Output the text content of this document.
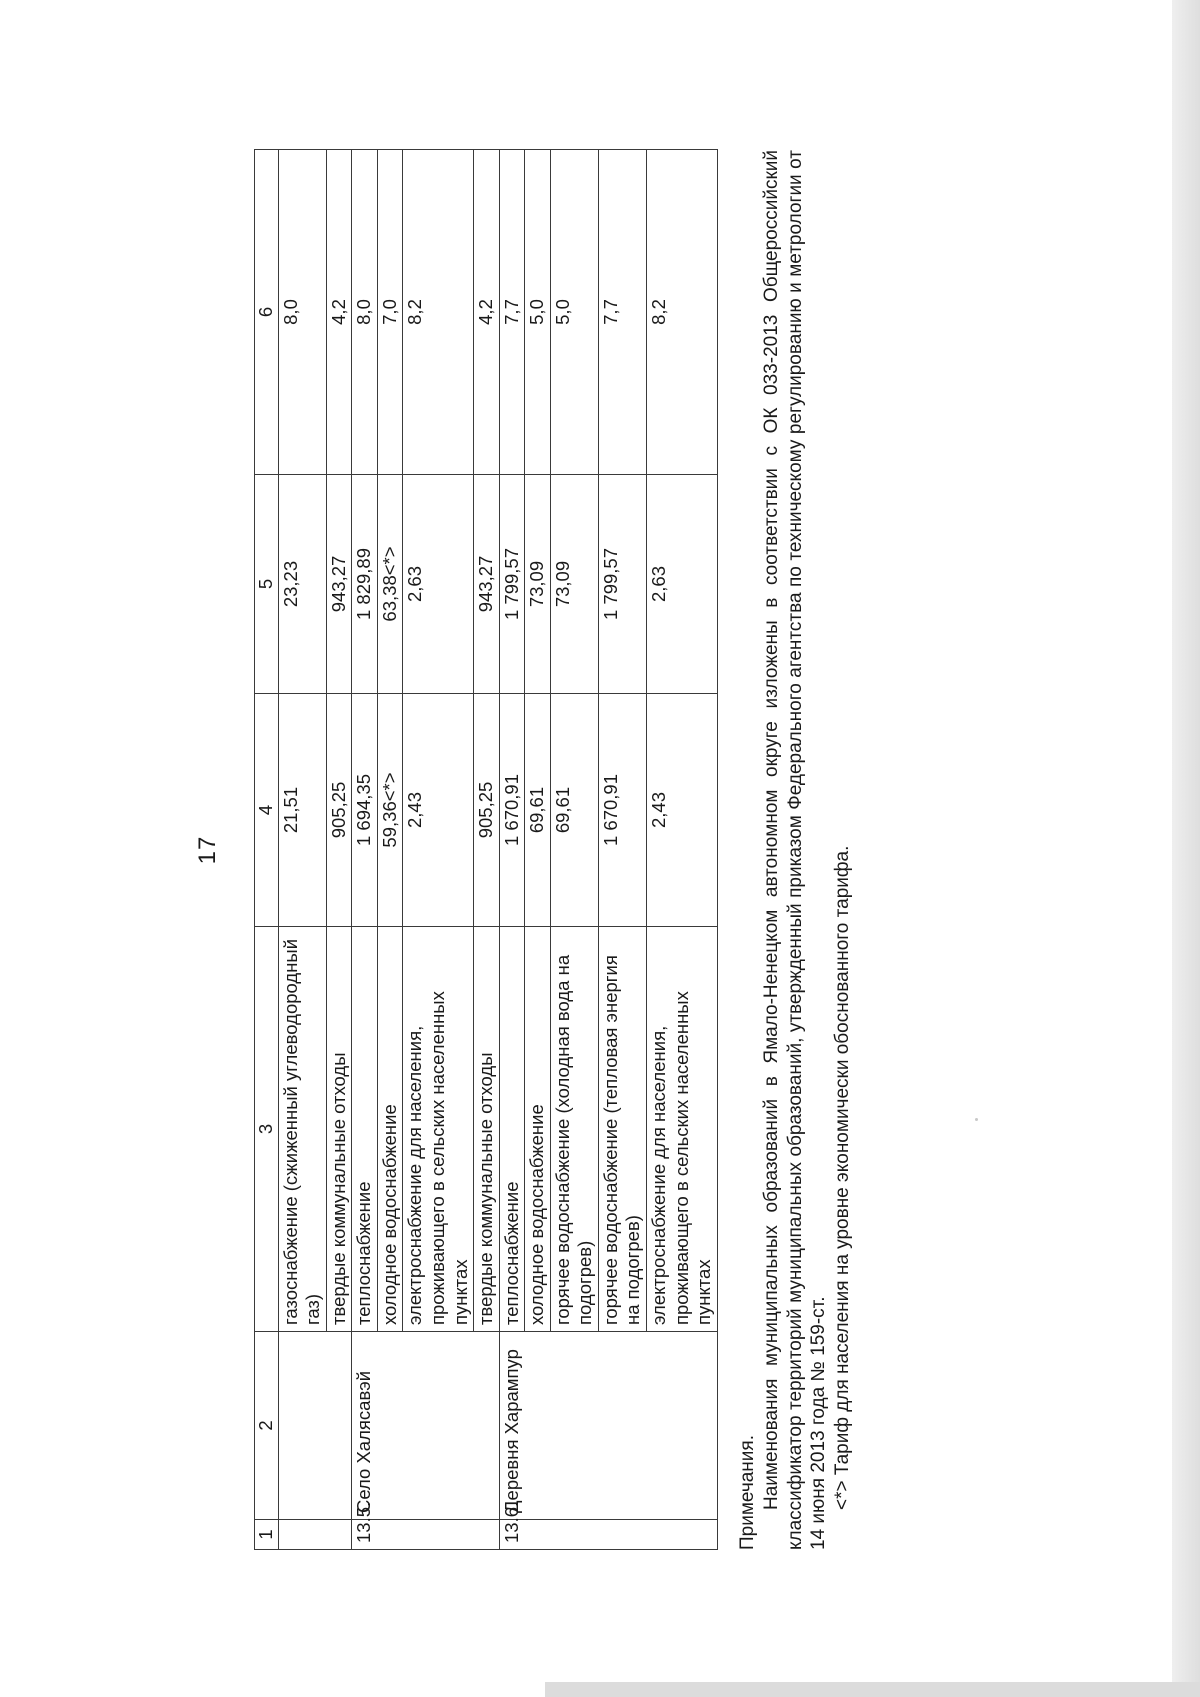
17
1	2	3	4	5	6
		газоснабжение (сжиженный углеводородный газ)	21,51	23,23	8,0
		твердые коммунальные отходы	905,25	943,27	4,2
13.5.	Село Халясавэй	теплоснабжение	1 694,35	1 829,89	8,0
		холодное водоснабжение	59,36<*>	63,38<*>	7,0
		электроснабжение для населения, проживающего в сельских населенных пунктах	2,43	2,63	8,2
		твердые коммунальные отходы	905,25	943,27	4,2
13.6.	Деревня Харампур	теплоснабжение	1 670,91	1 799,57	7,7
		холодное водоснабжение	69,61	73,09	5,0
		горячее водоснабжение (холодная вода на подогрев)	69,61	73,09	5,0
		горячее водоснабжение (тепловая энергия на подогрев)	1 670,91	1 799,57	7,7
		электроснабжение для населения, проживающего в сельских населенных пунктах	2,43	2,63	8,2

Примечания. Наименования муниципальных образований в Ямало-Ненецком автономном округе изложены в соответствии с ОК 033-2013 Общероссийский классификатор территорий муниципальных образований, утвержденный приказом Федерального агентства по техническому регулированию и метрологии от 14 июня 2013 года № 159-ст. <*> Тариф для населения на уровне экономически обоснованного тарифа.
